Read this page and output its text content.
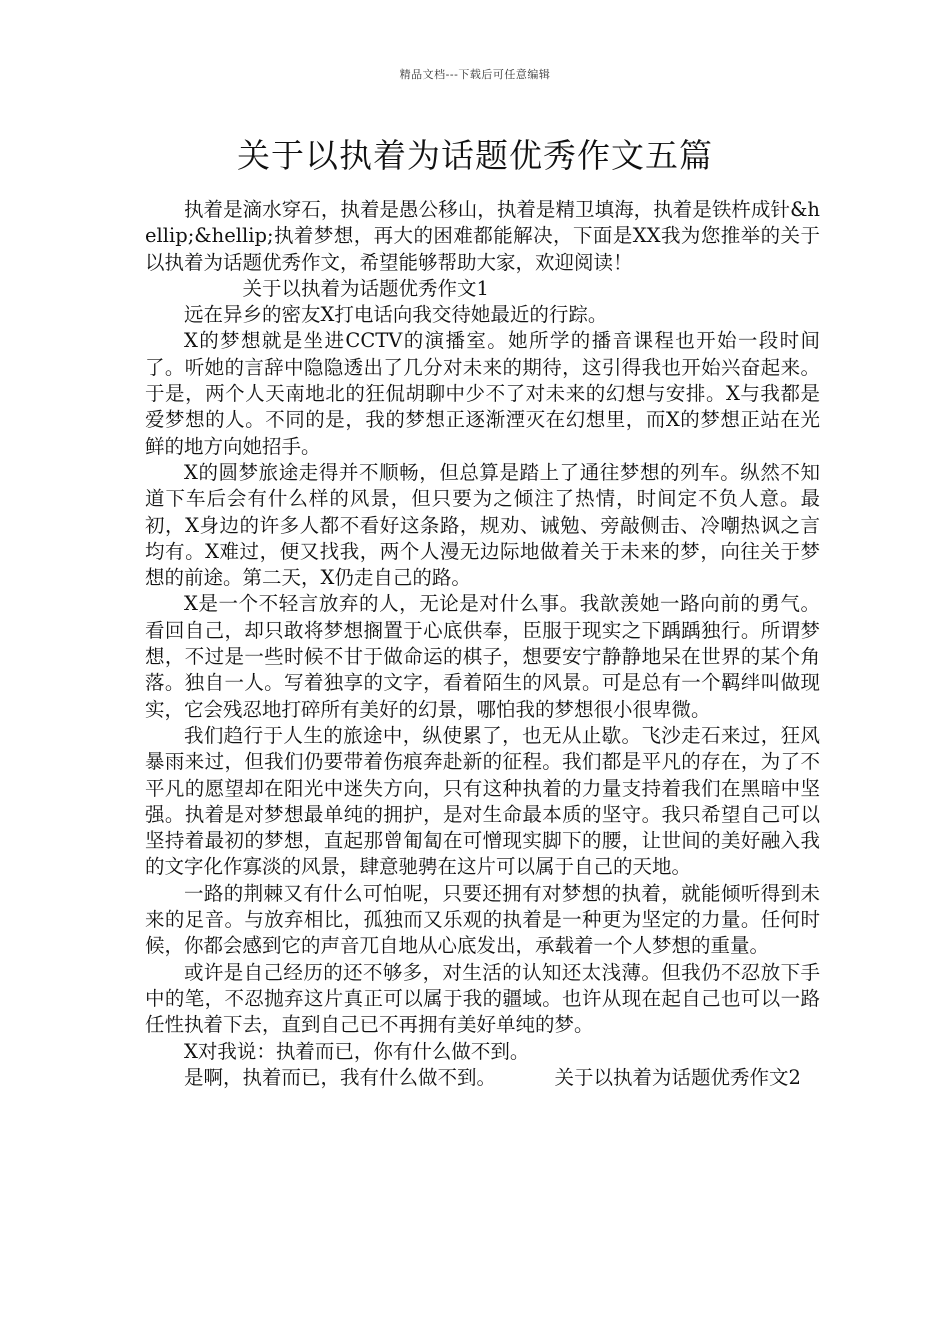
精品文档---下载后可任意编辑
关于以执着为话题优秀作文五篇

执着是滴水穿石，执着是愚公移山，执着是精卫填海，执着是铁杵成针&hellip;&hellip;执着梦想，再大的困难都能解决，下面是XX我为您推举的关于以执着为话题优秀作文，希望能够帮助大家，欢迎阅读！

关于以执着为话题优秀作文1

远在异乡的密友X打电话向我交待她最近的行踪。

X的梦想就是坐进CCTV的演播室。她所学的播音课程也开始一段时间了。听她的言辞中隐隐透出了几分对未来的期待，这引得我也开始兴奋起来。于是，两个人天南地北的狂侃胡聊中少不了对未来的幻想与安排。X与我都是爱梦想的人。不同的是，我的梦想正逐渐湮灭在幻想里，而X的梦想正站在光鲜的地方向她招手。

X的圆梦旅途走得并不顺畅，但总算是踏上了通往梦想的列车。纵然不知道下车后会有什么样的风景，但只要为之倾注了热情，时间定不负人意。最初，X身边的许多人都不看好这条路，规劝、诫勉、旁敲侧击、冷嘲热讽之言均有。X难过，便又找我，两个人漫无边际地做着关于未来的梦，向往关于梦想的前途。第二天，X仍走自己的路。

X是一个不轻言放弃的人，无论是对什么事。我歆羡她一路向前的勇气。看回自己，却只敢将梦想搁置于心底供奉，臣服于现实之下踽踽独行。所谓梦想，不过是一些时候不甘于做命运的棋子，想要安宁静静地呆在世界的某个角落。独自一人。写着独享的文字，看着陌生的风景。可是总有一个羁绊叫做现实，它会残忍地打碎所有美好的幻景，哪怕我的梦想很小很卑微。

我们趋行于人生的旅途中，纵使累了，也无从止歇。飞沙走石来过，狂风暴雨来过，但我们仍要带着伤痕奔赴新的征程。我们都是平凡的存在，为了不平凡的愿望却在阳光中迷失方向，只有这种执着的力量支持着我们在黑暗中坚强。执着是对梦想最单纯的拥护，是对生命最本质的坚守。我只希望自己可以坚持着最初的梦想，直起那曾匍匐在可憎现实脚下的腰，让世间的美好融入我的文字化作寡淡的风景，肆意驰骋在这片可以属于自己的天地。

一路的荆棘又有什么可怕呢，只要还拥有对梦想的执着，就能倾听得到未来的足音。与放弃相比，孤独而又乐观的执着是一种更为坚定的力量。任何时候，你都会感到它的声音兀自地从心底发出，承载着一个人梦想的重量。

或许是自己经历的还不够多，对生活的认知还太浅薄。但我仍不忍放下手中的笔，不忍抛弃这片真正可以属于我的疆域。也许从现在起自己也可以一路任性执着下去，直到自己已不再拥有美好单纯的梦。

X对我说：执着而已，你有什么做不到。

是啊，执着而已，我有什么做不到。	关于以执着为话题优秀作文2
